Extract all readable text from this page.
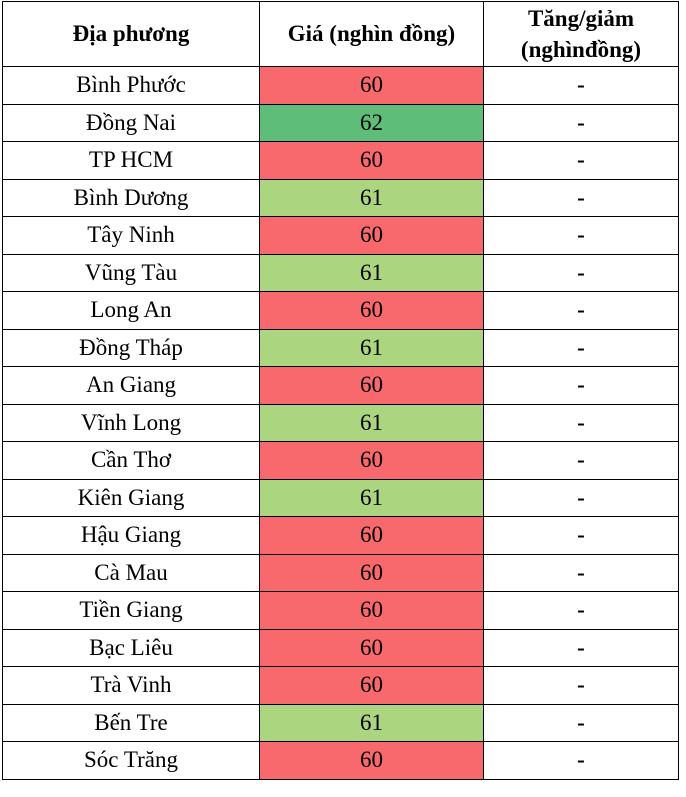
Địa phương	Giá (nghìn đồng)	Tăng/giảm (nghìnđồng)
Bình Phước	60	-
Đồng Nai	62	-
TP HCM	60	-
Bình Dương	61	-
Tây Ninh	60	-
Vũng Tàu	61	-
Long An	60	-
Đồng Tháp	61	-
An Giang	60	-
Vĩnh Long	61	-
Cần Thơ	60	-
Kiên Giang	61	-
Hậu Giang	60	-
Cà Mau	60	-
Tiền Giang	60	-
Bạc Liêu	60	-
Trà Vinh	60	-
Bến Tre	61	-
Sóc Trăng	60	-
